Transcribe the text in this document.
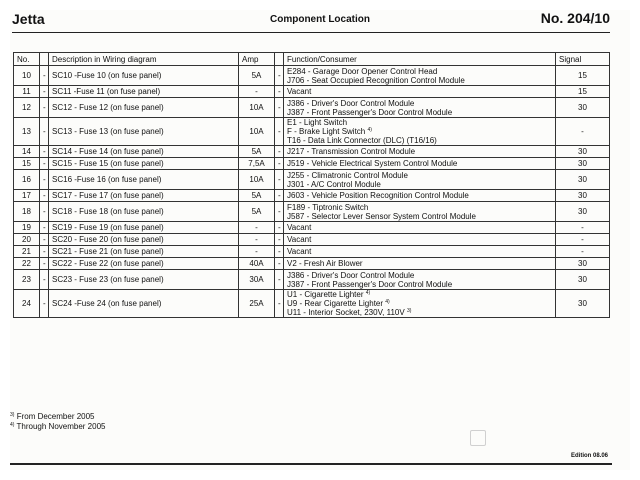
Jetta	Component Location	No. 204/10
No.		Description in Wiring diagram	Amp		Function/Consumer	Signal
10	-	SC10 -Fuse 10 (on fuse panel)	5A	-	E284 - Garage Door Opener Control Head
J706 - Seat Occupied Recognition Control Module	15
11	-	SC11 -Fuse 11 (on fuse panel)	-	-	Vacant	15
12	-	SC12 - Fuse 12 (on fuse panel)	10A	-	J386 - Driver's Door Control Module
J387 - Front Passenger's Door Control Module	30
13	-	SC13 - Fuse 13 (on fuse panel)	10A	-	E1 - Light Switch
F - Brake Light Switch $^{4)}$
T16 - Data Link Connector (DLC) (T16/16)	-
14	-	SC14 - Fuse 14 (on fuse panel)	5A	-	J217 - Transmission Control Module	30
15	-	SC15 - Fuse 15 (on fuse panel)	7,5A	-	J519 - Vehicle Electrical System Control Module	30
16	-	SC16 -Fuse 16 (on fuse panel)	10A	-	J255 - Climatronic Control Module
J301 - A/C Control Module	30
17	-	SC17 - Fuse 17 (on fuse panel)	5A	-	J603 - Vehicle Position Recognition Control Module	30
18	-	SC18 - Fuse 18 (on fuse panel)	5A	-	F189 - Tiptronic Switch
J587 - Selector Lever Sensor System Control Module	30
19	-	SC19 - Fuse 19 (on fuse panel)	-	-	Vacant	-
20	-	SC20 - Fuse 20 (on fuse panel)	-	-	Vacant	-
21	-	SC21 - Fuse 21 (on fuse panel)	-	-	Vacant	-
22	-	SC22 - Fuse 22 (on fuse panel)	40A	-	V2 - Fresh Air Blower	30
23	-	SC23 - Fuse 23 (on fuse panel)	30A	-	J386 - Driver's Door Control Module
J387 - Front Passenger's Door Control Module	30
24	-	SC24 -Fuse 24 (on fuse panel)	25A	-	U1 - Cigarette Lighter $^{4)}$
U9 - Rear Cigarette Lighter $^{4)}$
U11 - Interior Socket, 230V, 110V $^{3)}$	30
$^{3)}$ From December 2005
$^{4)}$ Through November 2005
Edition 08.06
